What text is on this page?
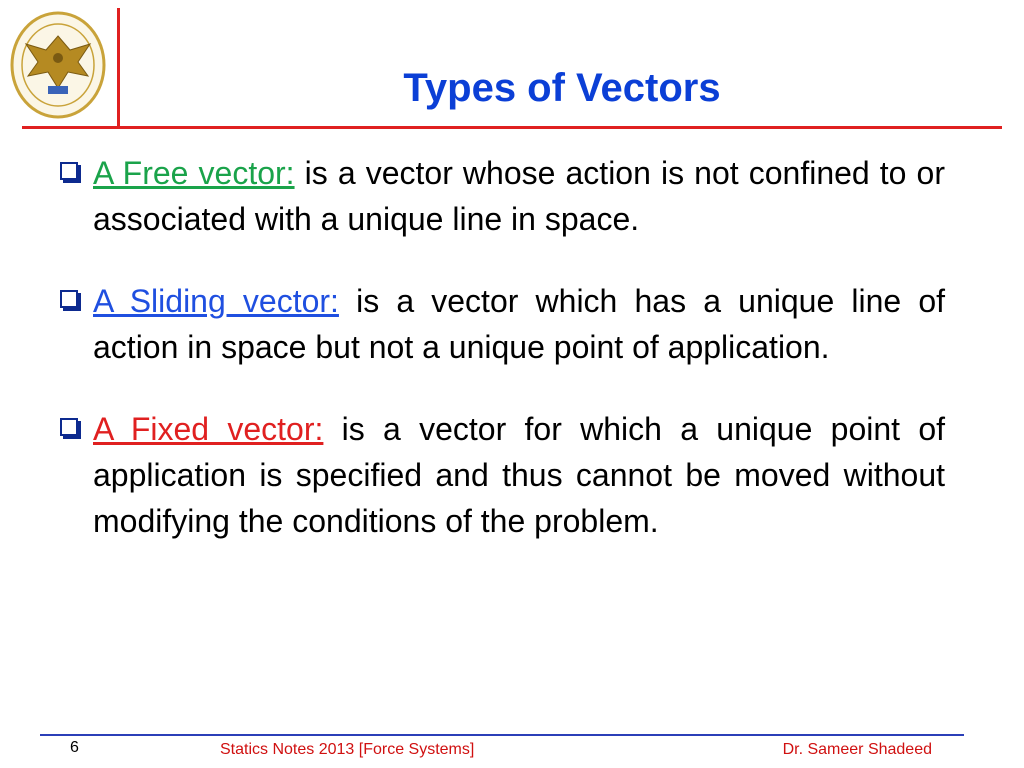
Types of Vectors
A Free vector: is a vector whose action is not confined to or associated with a unique line in space.
A Sliding vector: is a vector which has a unique line of action in space but not a unique point of application.
A Fixed vector: is a vector for which a unique point of application is specified and thus cannot be moved without modifying the conditions of the problem.
6	Statics Notes 2013 [Force Systems]	Dr. Sameer Shadeed
